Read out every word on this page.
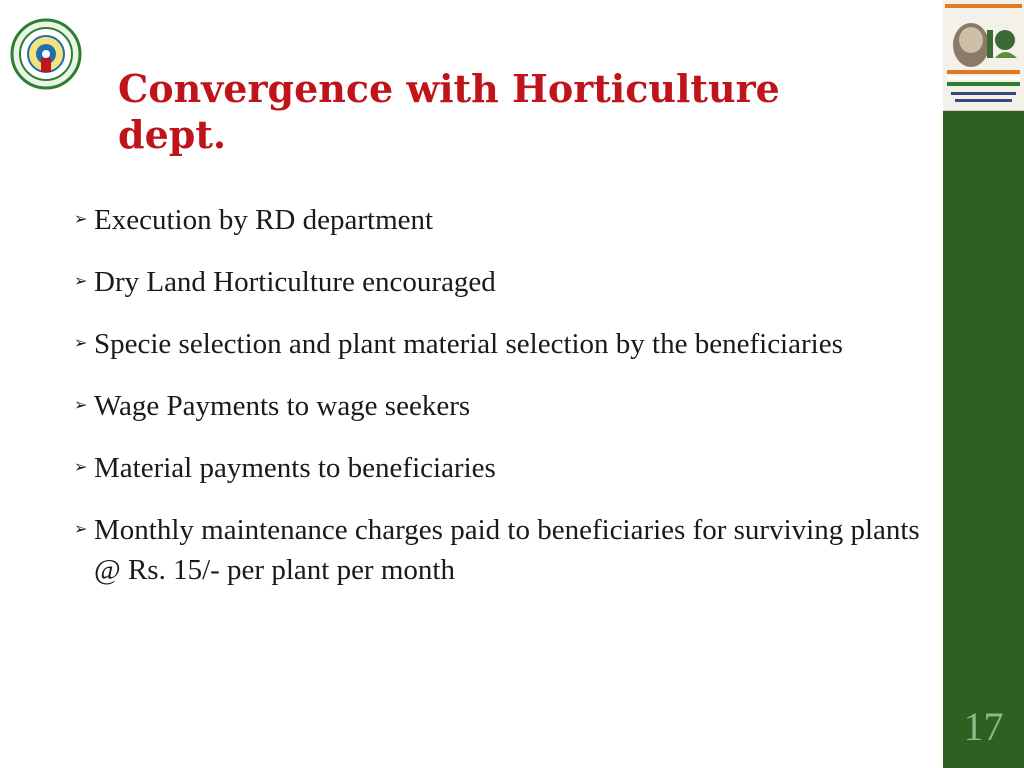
Convergence with Horticulture
dept.
➢ Execution by RD department
➢ Dry Land Horticulture encouraged
➢ Specie selection and plant material selection by the beneficiaries
➢ Wage Payments to wage seekers
➢ Material payments to beneficiaries
➢ Monthly maintenance charges paid to beneficiaries for surviving plants @ Rs. 15/- per plant per month
17
